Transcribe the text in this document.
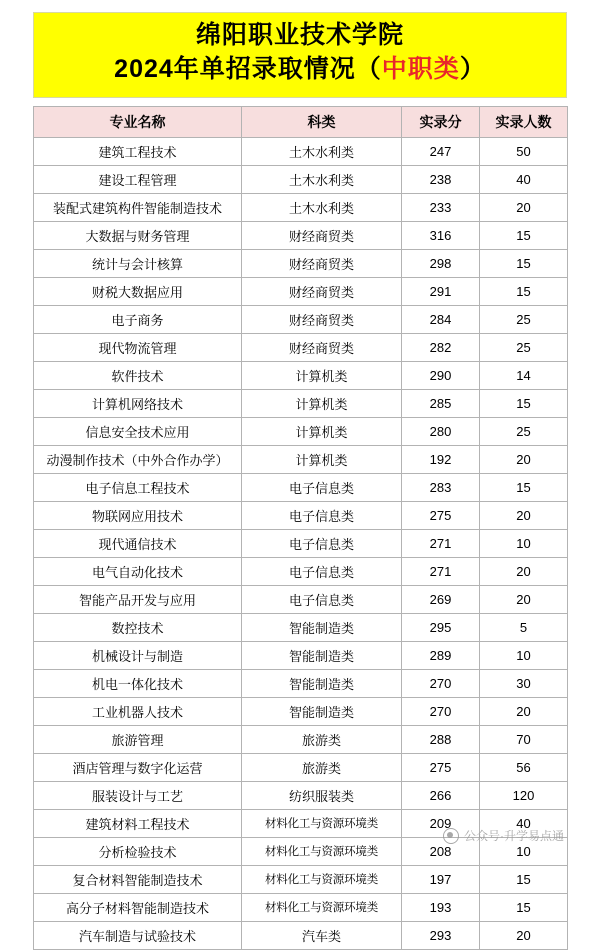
绵阳职业技术学院
2024年单招录取情况（中职类）
专业名称	科类	实录分	实录人数
建筑工程技术	土木水利类	247	50
建设工程管理	土木水利类	238	40
装配式建筑构件智能制造技术	土木水利类	233	20
大数据与财务管理	财经商贸类	316	15
统计与会计核算	财经商贸类	298	15
财税大数据应用	财经商贸类	291	15
电子商务	财经商贸类	284	25
现代物流管理	财经商贸类	282	25
软件技术	计算机类	290	14
计算机网络技术	计算机类	285	15
信息安全技术应用	计算机类	280	25
动漫制作技术（中外合作办学）	计算机类	192	20
电子信息工程技术	电子信息类	283	15
物联网应用技术	电子信息类	275	20
现代通信技术	电子信息类	271	10
电气自动化技术	电子信息类	271	20
智能产品开发与应用	电子信息类	269	20
数控技术	智能制造类	295	5
机械设计与制造	智能制造类	289	10
机电一体化技术	智能制造类	270	30
工业机器人技术	智能制造类	270	20
旅游管理	旅游类	288	70
酒店管理与数字化运营	旅游类	275	56
服装设计与工艺	纺织服装类	266	120
建筑材料工程技术	材料化工与资源环境类	209	40
分析检验技术	材料化工与资源环境类	208	10
复合材料智能制造技术	材料化工与资源环境类	197	15
高分子材料智能制造技术	材料化工与资源环境类	193	15
汽车制造与试验技术	汽车类	293	20
公众号·升学易点通
